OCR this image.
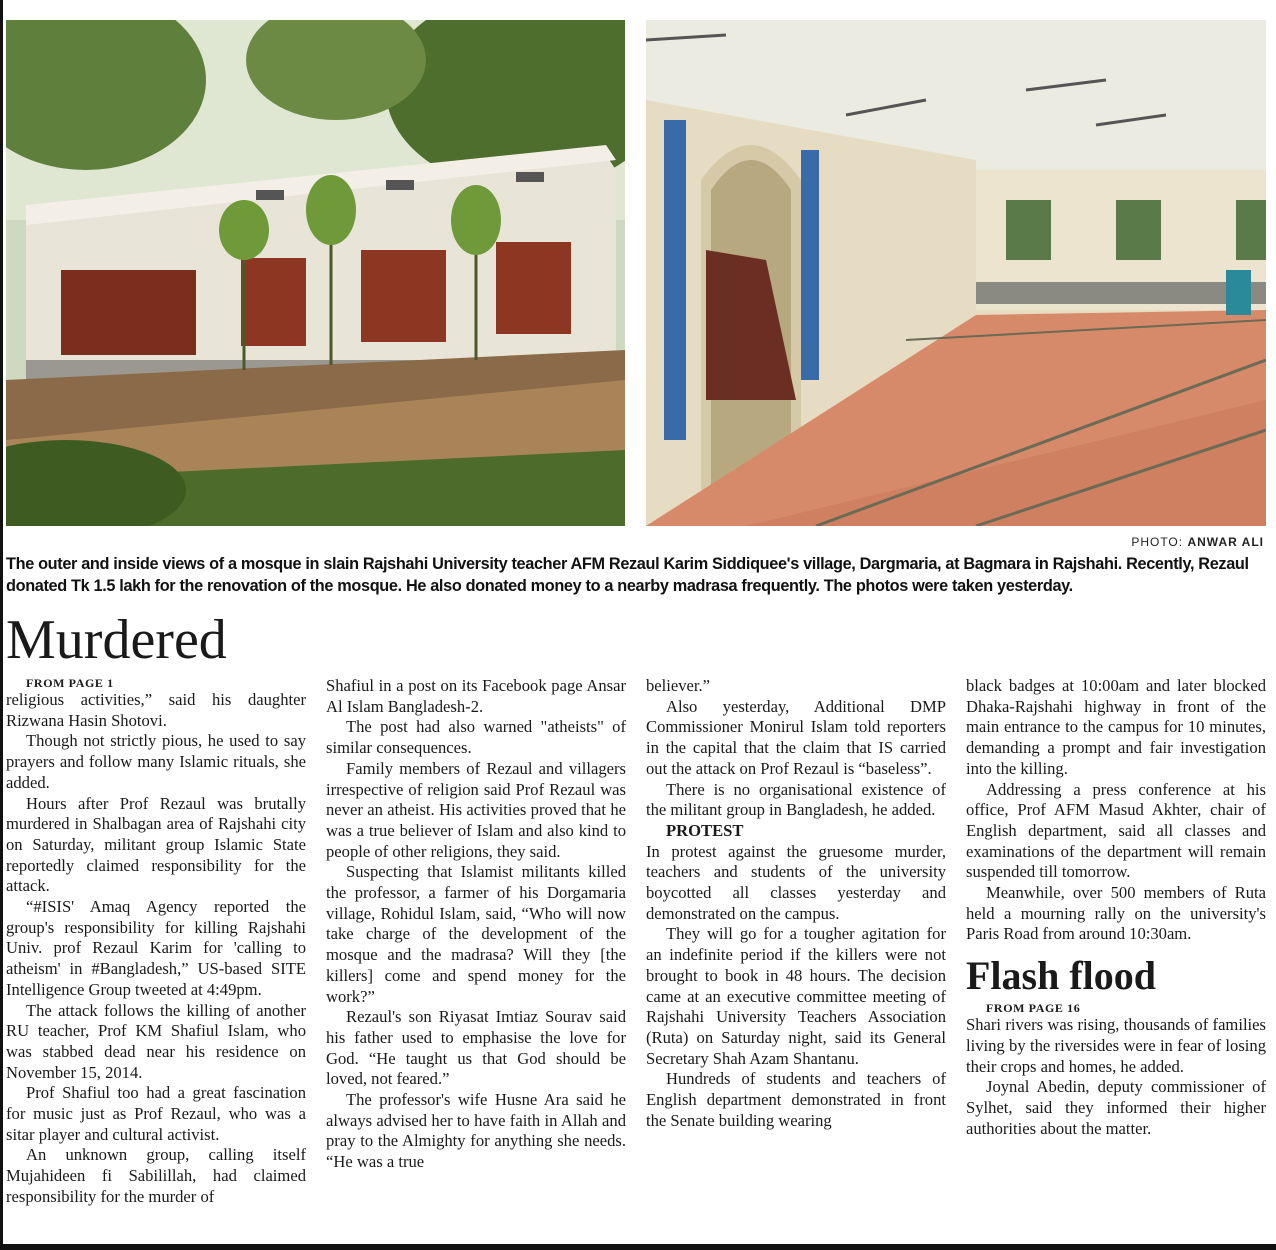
PHOTO: ANWAR ALI
The outer and inside views of a mosque in slain Rajshahi University teacher AFM Rezaul Karim Siddiquee's village, Dargmaria, at Bagmara in Rajshahi. Recently, Rezaul donated Tk 1.5 lakh for the renovation of the mosque. He also donated money to a nearby madrasa frequently. The photos were taken yesterday.
Murdered

FROM PAGE 1

religious activities,” said his daughter Rizwana Hasin Shotovi.

Though not strictly pious, he used to say prayers and follow many Islamic rituals, she added.

Hours after Prof Rezaul was brutally murdered in Shalbagan area of Rajshahi city on Saturday, militant group Islamic State reportedly claimed responsibility for the attack.

“#ISIS' Amaq Agency reported the group's responsibility for killing Rajshahi Univ. prof Rezaul Karim for 'calling to atheism' in #Bangladesh,” US-based SITE Intelligence Group tweeted at 4:49pm.

The attack follows the killing of another RU teacher, Prof KM Shafiul Islam, who was stabbed dead near his residence on November 15, 2014.

Prof Shafiul too had a great fascination for music just as Prof Rezaul, who was a sitar player and cultural activist.

An unknown group, calling itself Mujahideen fi Sabilillah, had claimed responsibility for the murder of

Shafiul in a post on its Facebook page Ansar Al Islam Bangladesh-2.

The post had also warned "atheists" of similar consequences.

Family members of Rezaul and villagers irrespective of religion said Prof Rezaul was never an atheist. His activities proved that he was a true believer of Islam and also kind to people of other religions, they said.

Suspecting that Islamist militants killed the professor, a farmer of his Dorgamaria village, Rohidul Islam, said, “Who will now take charge of the development of the mosque and the madrasa? Will they [the killers] come and spend money for the work?”

Rezaul's son Riyasat Imtiaz Sourav said his father used to emphasise the love for God. “He taught us that God should be loved, not feared.”

The professor's wife Husne Ara said he always advised her to have faith in Allah and pray to the Almighty for anything she needs. “He was a true

believer.”

Also yesterday, Additional DMP Commissioner Monirul Islam told reporters in the capital that the claim that IS carried out the attack on Prof Rezaul is “baseless”.

There is no organisational existence of the militant group in Bangladesh, he added.

PROTEST

In protest against the gruesome murder, teachers and students of the university boycotted all classes yesterday and demonstrated on the campus.

They will go for a tougher agitation for an indefinite period if the killers were not brought to book in 48 hours. The decision came at an executive committee meeting of Rajshahi University Teachers Association (Ruta) on Saturday night, said its General Secretary Shah Azam Shantanu.

Hundreds of students and teachers of English department demonstrated in front the Senate building wearing

black badges at 10:00am and later blocked Dhaka-Rajshahi highway in front of the main entrance to the campus for 10 minutes, demanding a prompt and fair investigation into the killing.

Addressing a press conference at his office, Prof AFM Masud Akhter, chair of English department, said all classes and examinations of the department will remain suspended till tomorrow.

Meanwhile, over 500 members of Ruta held a mourning rally on the university's Paris Road from around 10:30am.

Flash flood

FROM PAGE 16

Shari rivers was rising, thousands of families living by the riversides were in fear of losing their crops and homes, he added.

Joynal Abedin, deputy commissioner of Sylhet, said they informed their higher authorities about the matter.
